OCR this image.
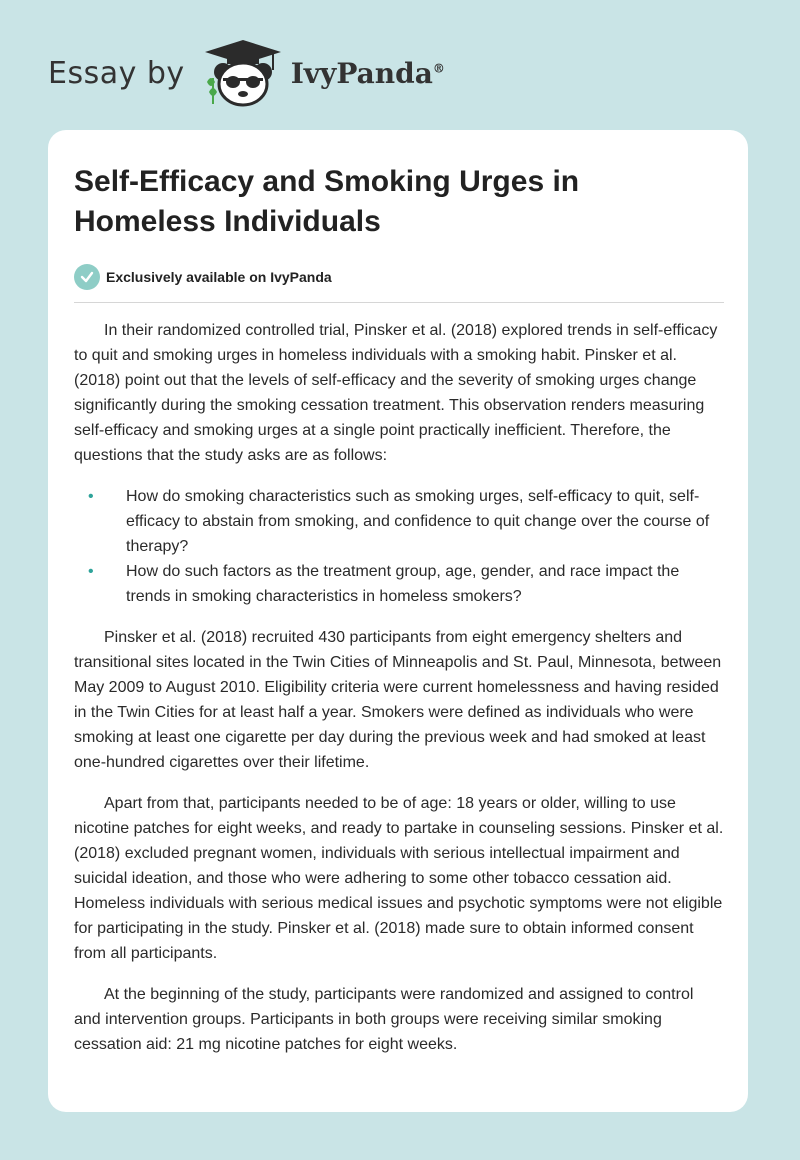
Essay by	IvyPanda®
Self-Efficacy and Smoking Urges in Homeless Individuals
Exclusively available on IvyPanda

In their randomized controlled trial, Pinsker et al. (2018) explored trends in self-efficacy to quit and smoking urges in homeless individuals with a smoking habit. Pinsker et al. (2018) point out that the levels of self-efficacy and the severity of smoking urges change significantly during the smoking cessation treatment. This observation renders measuring self-efficacy and smoking urges at a single point practically inefficient. Therefore, the questions that the study asks are as follows:

• How do smoking characteristics such as smoking urges, self-efficacy to quit, self-efficacy to abstain from smoking, and confidence to quit change over the course of therapy?
• How do such factors as the treatment group, age, gender, and race impact the trends in smoking characteristics in homeless smokers?

Pinsker et al. (2018) recruited 430 participants from eight emergency shelters and transitional sites located in the Twin Cities of Minneapolis and St. Paul, Minnesota, between May 2009 to August 2010. Eligibility criteria were current homelessness and having resided in the Twin Cities for at least half a year. Smokers were defined as individuals who were smoking at least one cigarette per day during the previous week and had smoked at least one-hundred cigarettes over their lifetime.

Apart from that, participants needed to be of age: 18 years or older, willing to use nicotine patches for eight weeks, and ready to partake in counseling sessions. Pinsker et al. (2018) excluded pregnant women, individuals with serious intellectual impairment and suicidal ideation, and those who were adhering to some other tobacco cessation aid. Homeless individuals with serious medical issues and psychotic symptoms were not eligible for participating in the study. Pinsker et al. (2018) made sure to obtain informed consent from all participants.

At the beginning of the study, participants were randomized and assigned to control and intervention groups. Participants in both groups were receiving similar smoking cessation aid: 21 mg nicotine patches for eight weeks.
